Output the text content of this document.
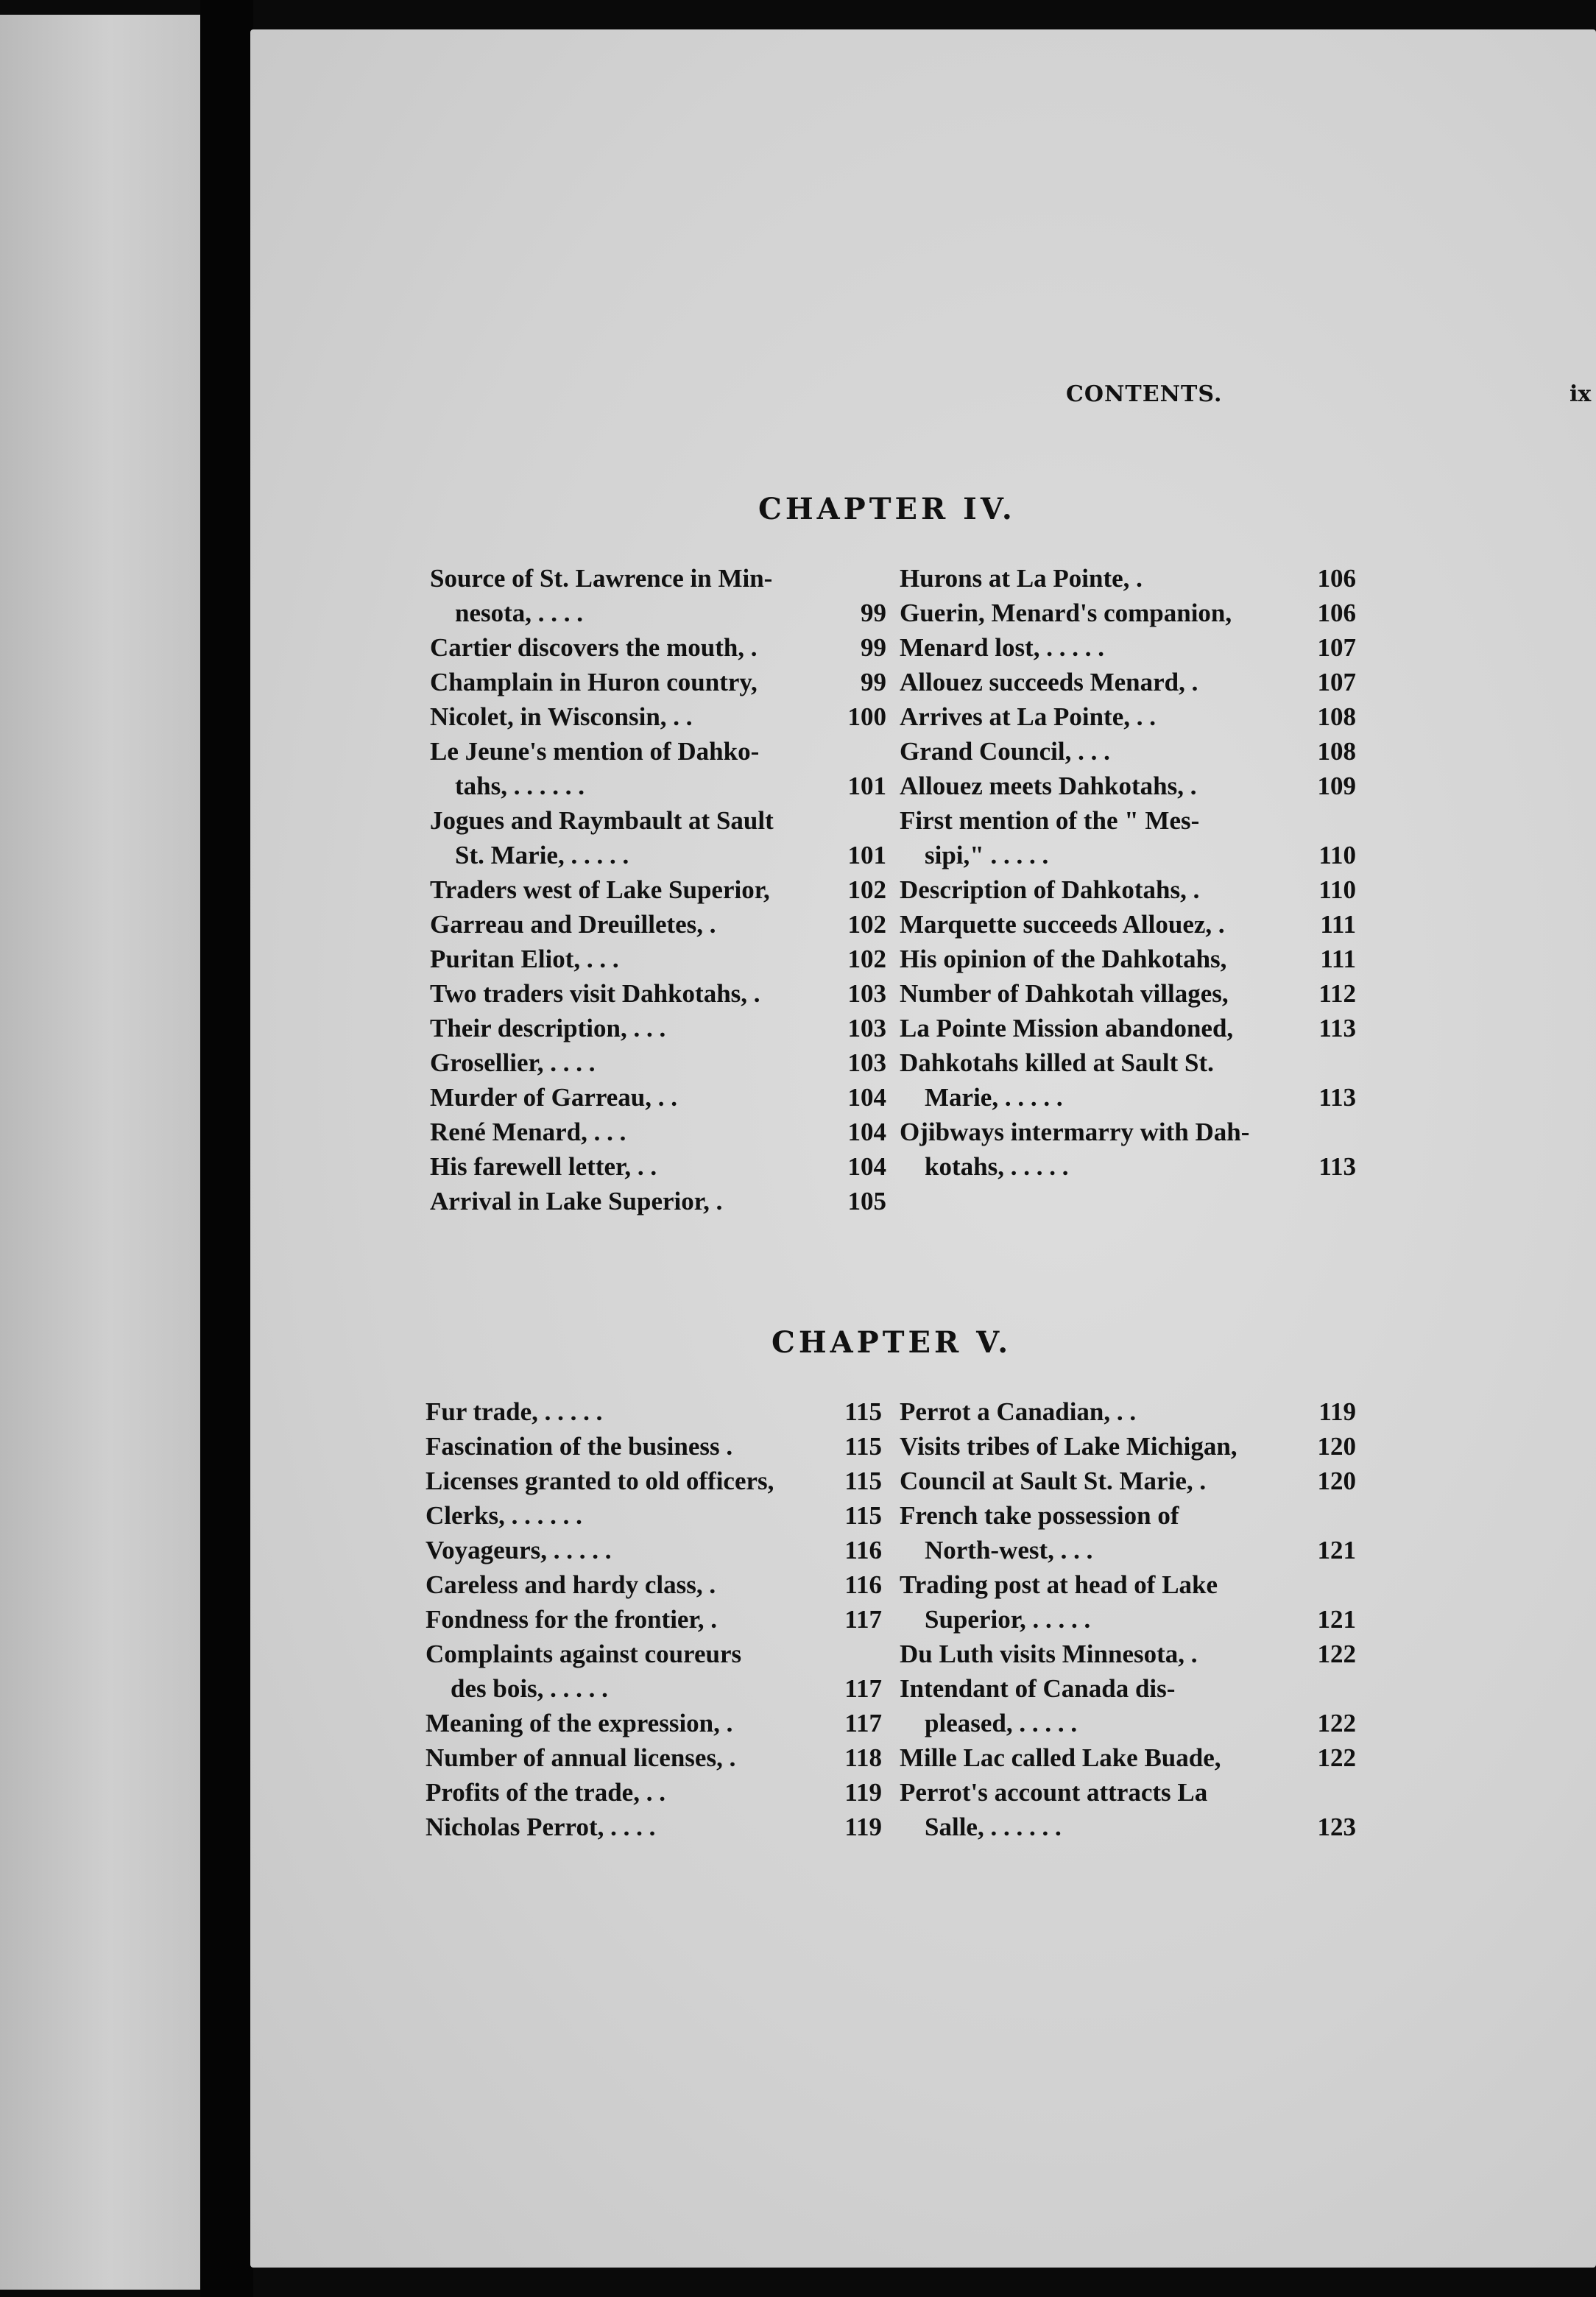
CONTENTS.	ix
CHAPTER IV.
Source of St. Lawrence in Min-
nesota, . . . .	99
Cartier discovers the mouth, .	99
Champlain in Huron country,	99
Nicolet, in Wisconsin, . .	100
Le Jeune's mention of Dahko-
tahs, . . . . . .	101
Jogues and Raymbault at Sault
St. Marie, . . . . .	101
Traders west of Lake Superior,	102
Garreau and Dreuilletes, .	102
Puritan Eliot, . . .	102
Two traders visit Dahkotahs, .	103
Their description, . . .	103
Grosellier, . . . .	103
Murder of Garreau, . .	104
René Menard, . . .	104
His farewell letter, . .	104
Arrival in Lake Superior, .	105
Hurons at La Pointe, .	106
Guerin, Menard's companion,	106
Menard lost, . . . . .	107
Allouez succeeds Menard, .	107
Arrives at La Pointe, . .	108
Grand Council, . . .	108
Allouez meets Dahkotahs, .	109
First mention of the " Mes-
sipi," . . . . .	110
Description of Dahkotahs, .	110
Marquette succeeds Allouez, .	111
His opinion of the Dahkotahs,	111
Number of Dahkotah villages,	112
La Pointe Mission abandoned,	113
Dahkotahs killed at Sault St.
Marie, . . . . .	113
Ojibways intermarry with Dah-
kotahs, . . . . .	113
CHAPTER V.
Fur trade, . . . . .	115
Fascination of the business .	115
Licenses granted to old officers,	115
Clerks, . . . . . .	115
Voyageurs, . . . . .	116
Careless and hardy class, .	116
Fondness for the frontier, .	117
Complaints against coureurs
des bois, . . . . .	117
Meaning of the expression, .	117
Number of annual licenses, .	118
Profits of the trade, . .	119
Nicholas Perrot, . . . .	119
Perrot a Canadian, . .	119
Visits tribes of Lake Michigan,	120
Council at Sault St. Marie, .	120
French take possession of
North-west, . . .	121
Trading post at head of Lake
Superior, . . . . .	121
Du Luth visits Minnesota, .	122
Intendant of Canada dis-
pleased, . . . . .	122
Mille Lac called Lake Buade,	122
Perrot's account attracts La
Salle, . . . . . .	123
